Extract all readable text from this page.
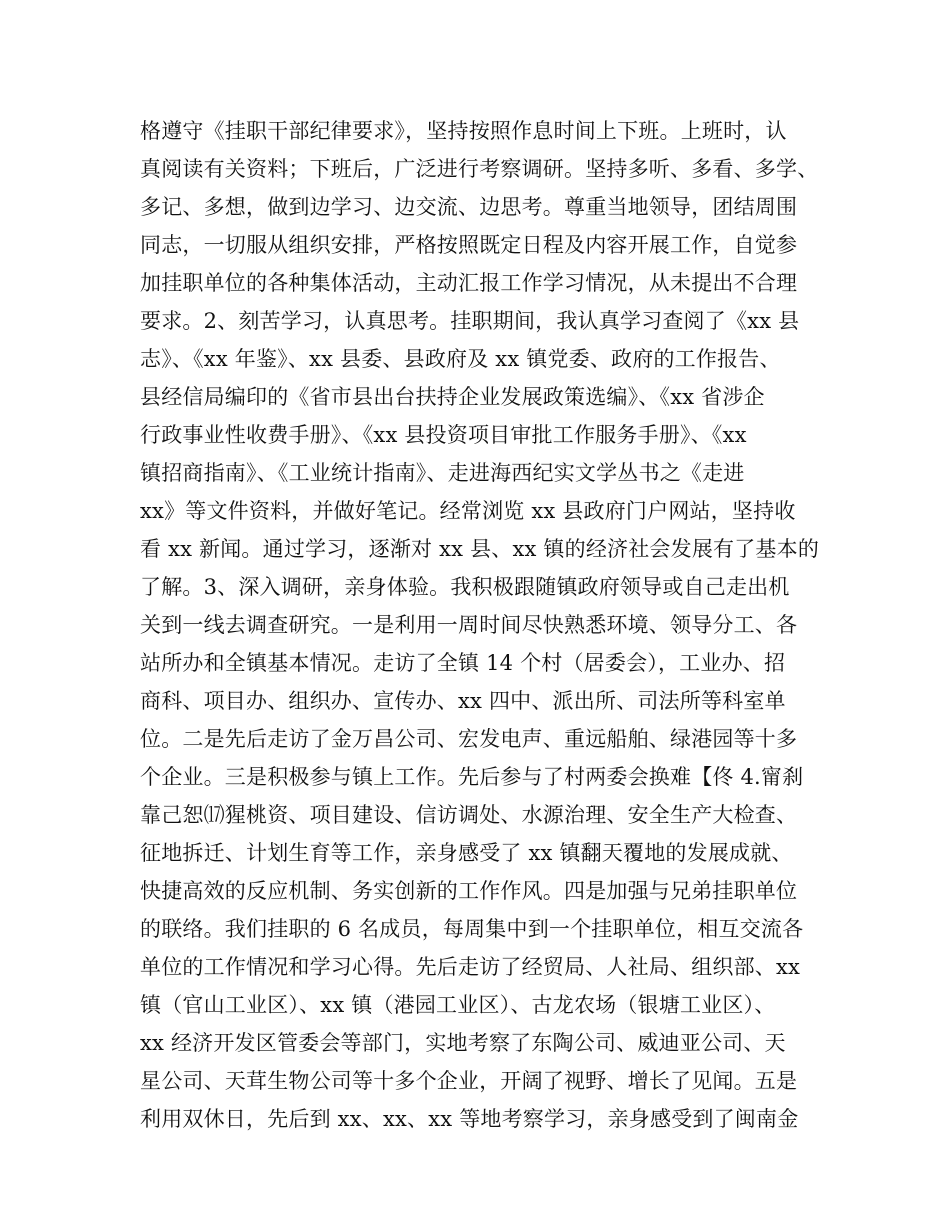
格遵守《挂职干部纪律要求》，坚持按照作息时间上下班。上班时，认
真阅读有关资料；下班后，广泛进行考察调研。坚持多听、多看、多学、
多记、多想，做到边学习、边交流、边思考。尊重当地领导，团结周围
同志，一切服从组织安排，严格按照既定日程及内容开展工作，自觉参
加挂职单位的各种集体活动，主动汇报工作学习情况，从未提出不合理
要求。2、刻苦学习，认真思考。挂职期间，我认真学习查阅了《xx 县
志》、《xx 年鉴》、xx 县委、县政府及 xx 镇党委、政府的工作报告、
县经信局编印的《省市县出台扶持企业发展政策选编》、《xx 省涉企
行政事业性收费手册》、《xx 县投资项目审批工作服务手册》、《xx
镇招商指南》、《工业统计指南》、走进海西纪实文学丛书之《走进
xx》等文件资料，并做好笔记。经常浏览 xx 县政府门户网站，坚持收
看 xx 新闻。通过学习，逐渐对 xx 县、xx 镇的经济社会发展有了基本的
了解。3、深入调研，亲身体验。我积极跟随镇政府领导或自己走出机
关到一线去调查研究。一是利用一周时间尽快熟悉环境、领导分工、各
站所办和全镇基本情况。走访了全镇 14 个村（居委会），工业办、招
商科、项目办、组织办、宣传办、xx 四中、派出所、司法所等科室单
位。二是先后走访了金万昌公司、宏发电声、重远船舶、绿港园等十多
个企业。三是积极参与镇上工作。先后参与了村两委会换难【佟 4.甯刹
靠己恕⒄猩桃资、项目建设、信访调处、水源治理、安全生产大检查、
征地拆迁、计划生育等工作，亲身感受了 xx 镇翻天覆地的发展成就、
快捷高效的反应机制、务实创新的工作作风。四是加强与兄弟挂职单位
的联络。我们挂职的 6 名成员，每周集中到一个挂职单位，相互交流各
单位的工作情况和学习心得。先后走访了经贸局、人社局、组织部、xx
镇（官山工业区）、xx 镇（港园工业区）、古龙农场（银塘工业区）、
xx 经济开发区管委会等部门，实地考察了东陶公司、威迪亚公司、天
星公司、天茸生物公司等十多个企业，开阔了视野、增长了见闻。五是
利用双休日，先后到 xx、xx、xx 等地考察学习，亲身感受到了闽南金
